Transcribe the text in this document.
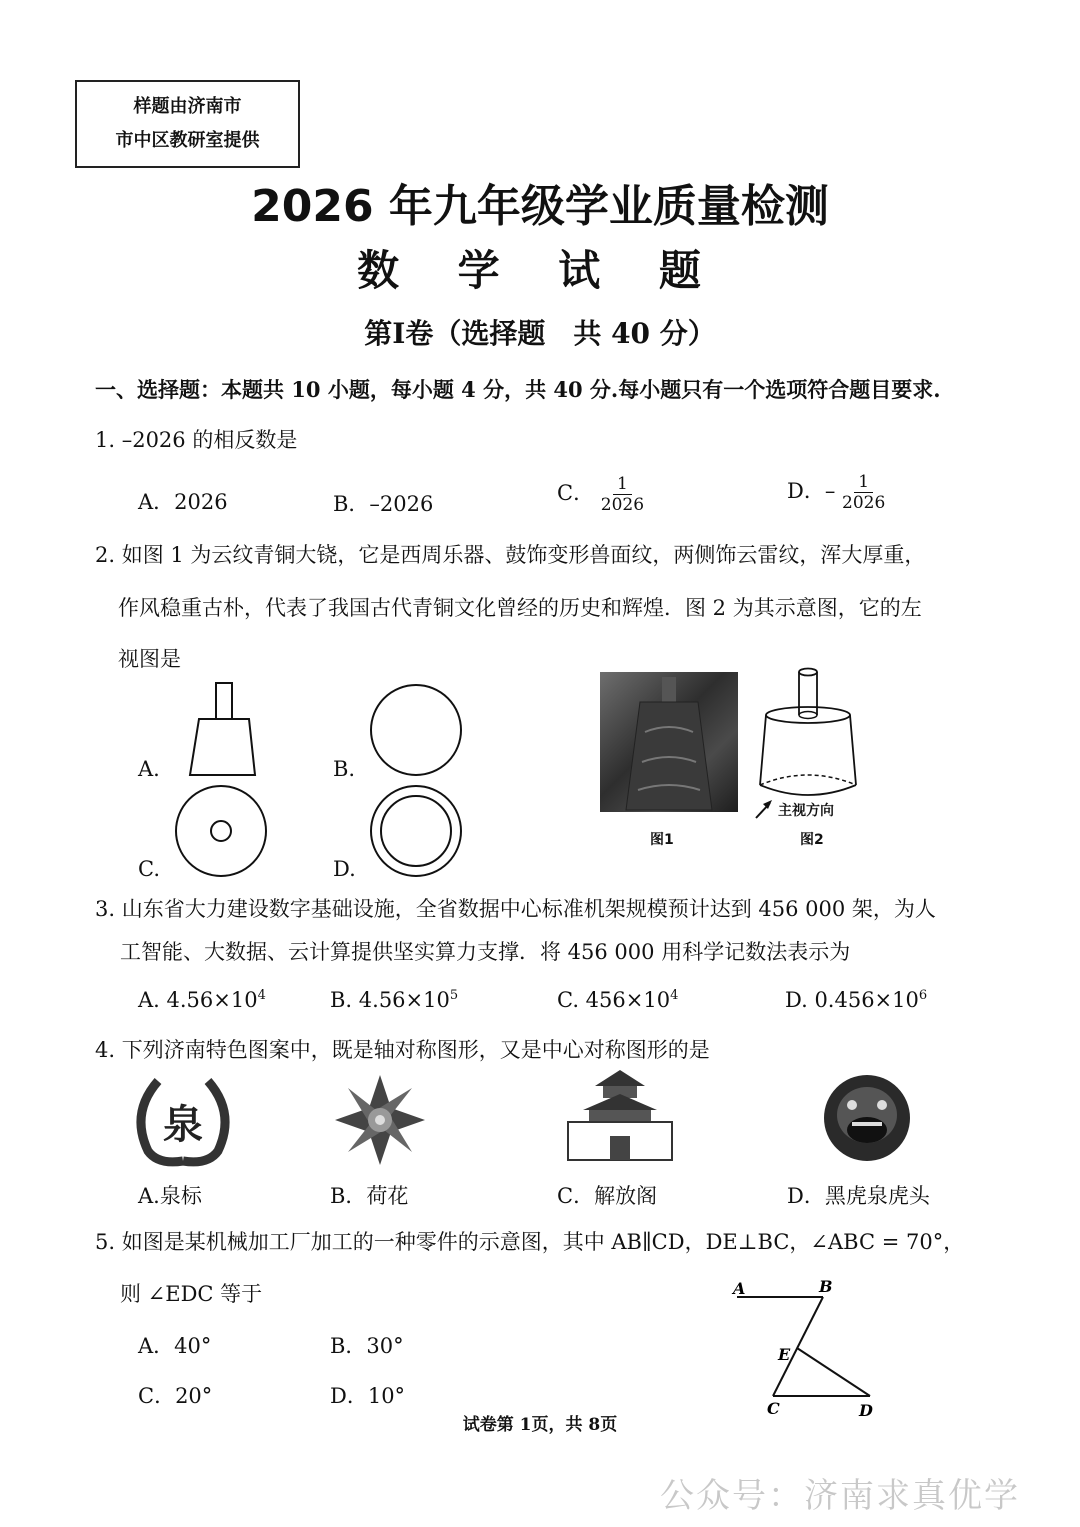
样题由济南市
市中区教研室提供
2026 年九年级学业质量检测
数 学 试 题
第Ⅰ卷（选择题　共 40 分）
一、选择题：本题共 10 小题，每小题 4 分，共 40 分.每小题只有一个选项符合题目要求.
1. –2026 的相反数是
A．2026	B．–2026	C． $\frac{1}{2026}$	D．– $\frac{1}{2026}$
2. 如图 1 为云纹青铜大铙，它是西周乐器、鼓饰变形兽面纹，两侧饰云雷纹，浑大厚重，
作风稳重古朴，代表了我国古代青铜文化曾经的历史和辉煌．图 2 为其示意图，它的左
视图是
A.	B.
C.	D.
图1
主视方向
图2
3. 山东省大力建设数字基础设施，全省数据中心标准机架规模预计达到 456 000 架，为人
工智能、大数据、云计算提供坚实算力支撑．将 456 000 用科学记数法表示为
A. $4.56\times 10^4$	B. $4.56\times 10^5$	C. $456\times 10^4$	D. $0.456\times 10^6$
4. 下列济南特色图案中，既是轴对称图形，又是中心对称图形的是
泉
A.泉标	B．荷花	C．解放阁	D．黑虎泉虎头
5. 如图是某机械加工厂加工的一种零件的示意图，其中 AB∥CD，DE⊥BC，∠ABC = 70°，
则 ∠EDC 等于
A．40°	B．30°
C．20°	D．10°
A	B
E
C	D
试卷第 1页，共 8页
公众号：济南求真优学
